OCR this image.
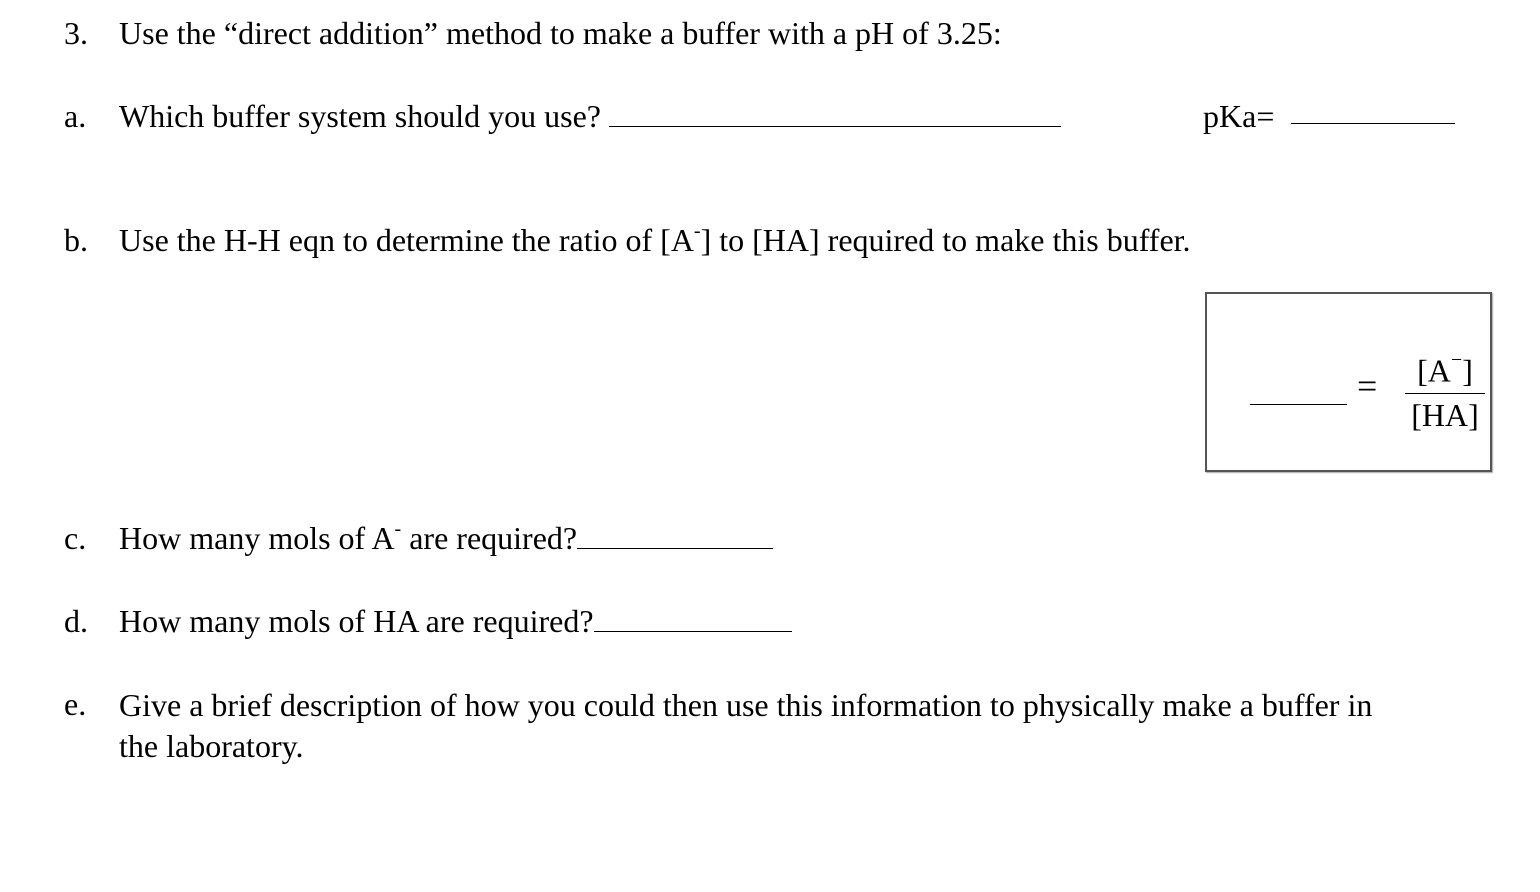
3. Use the “direct addition” method to make a buffer with a pH of 3.25:
a. Which buffer system should you use?	pKa=
b. Use the H-H eqn to determine the ratio of [A-] to [HA] required to make this buffer.
= $\frac{[A^-]}{[HA]}$
c. How many mols of A- are required?
d. How many mols of HA are required?
e. Give a brief description of how you could then use this information to physically make a buffer in the laboratory.
